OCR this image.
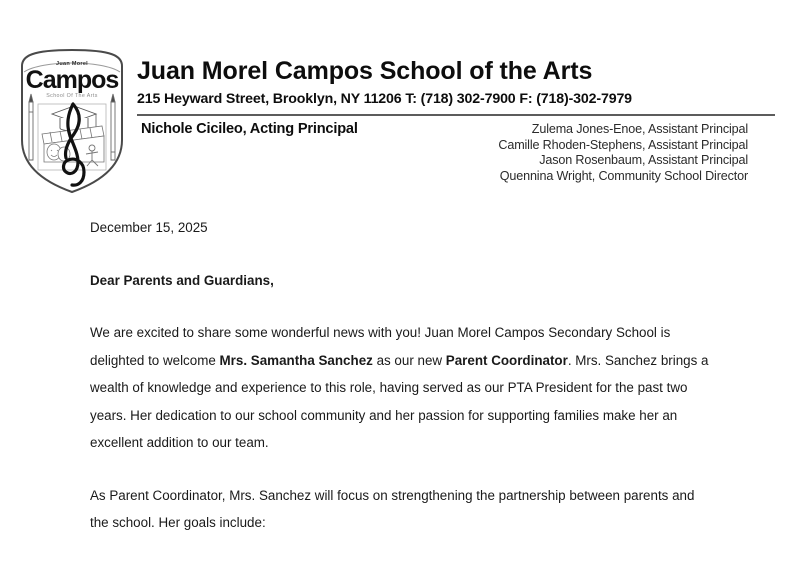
Juan Morel
Campos
School Of The Arts
Juan Morel Campos School of the Arts
215 Heyward Street, Brooklyn, NY 11206 T: (718) 302-7900 F: (718)-302-7979
Nichole Cicileo, Acting Principal	Zulema Jones-Enoe, Assistant Principal
Camille Rhoden-Stephens, Assistant Principal
Jason Rosenbaum, Assistant Principal
Quennina Wright, Community School Director

December 15, 2025

Dear Parents and Guardians,

We are excited to share some wonderful news with you! Juan Morel Campos Secondary School is delighted to welcome Mrs. Samantha Sanchez as our new Parent Coordinator. Mrs. Sanchez brings a wealth of knowledge and experience to this role, having served as our PTA President for the past two years. Her dedication to our school community and her passion for supporting families make her an excellent addition to our team.

As Parent Coordinator, Mrs. Sanchez will focus on strengthening the partnership between parents and the school. Her goals include:
